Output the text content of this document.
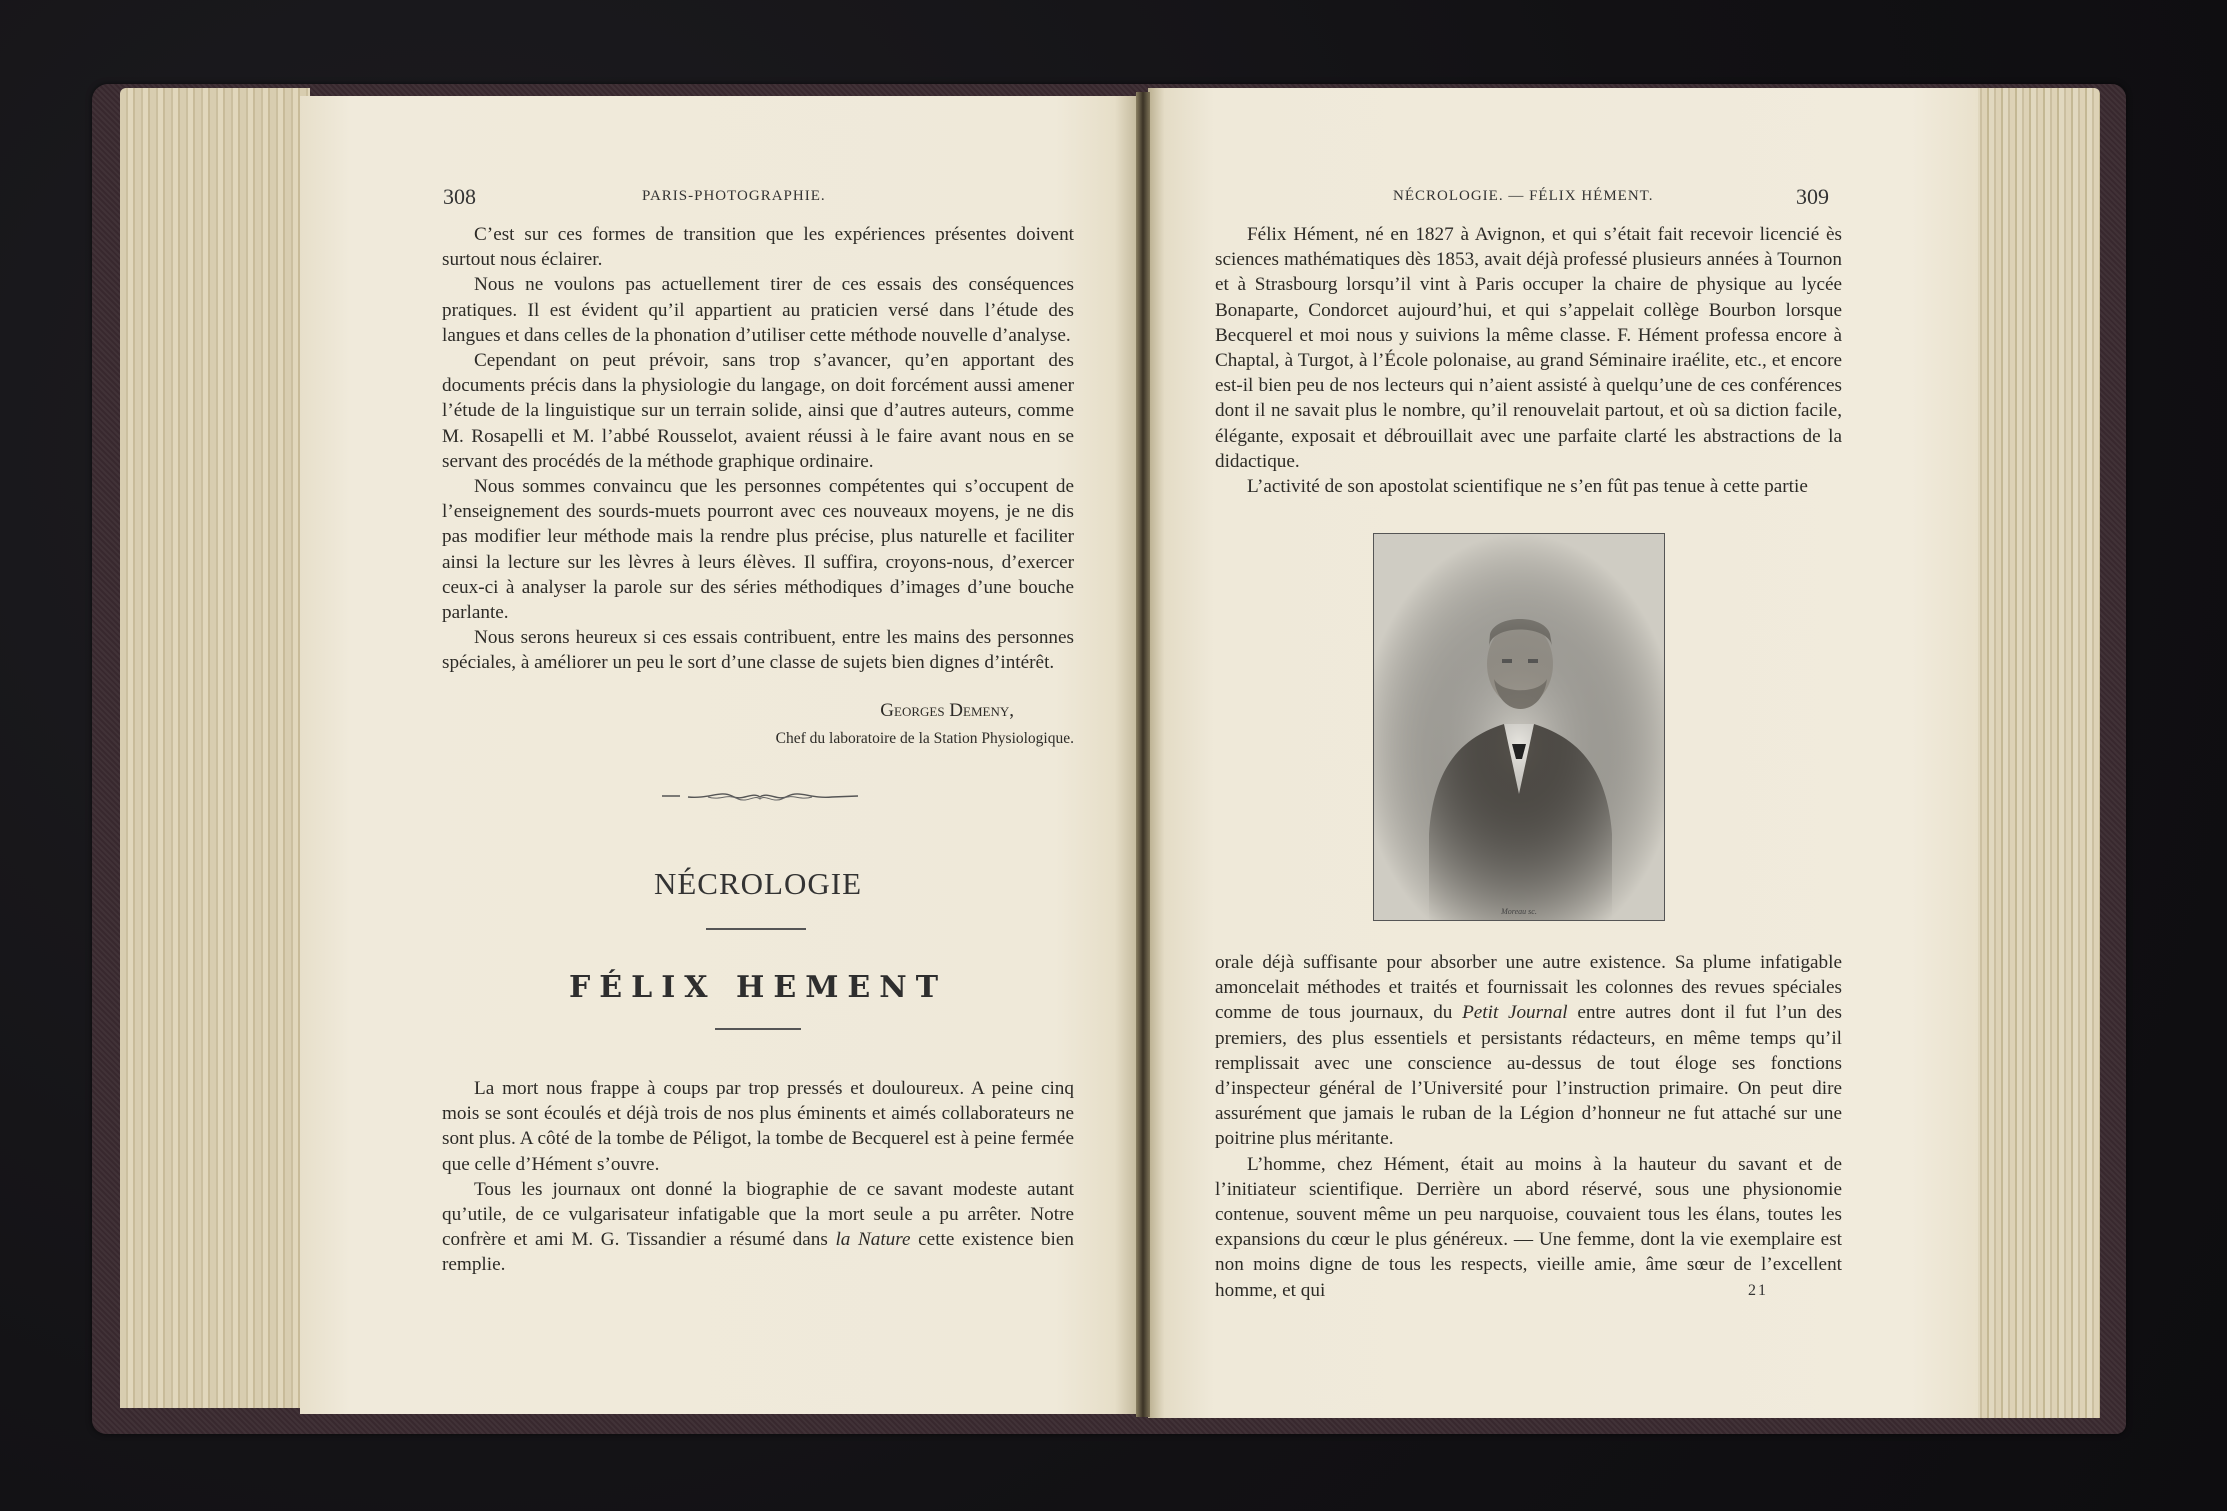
308	PARIS-PHOTOGRAPHIE.

C’est sur ces formes de transition que les expériences présentes doivent surtout nous éclairer.

Nous ne voulons pas actuellement tirer de ces essais des conséquences pratiques. Il est évident qu’il appartient au praticien versé dans l’étude des langues et dans celles de la phonation d’utiliser cette méthode nouvelle d’analyse.

Cependant on peut prévoir, sans trop s’avancer, qu’en apportant des documents précis dans la physiologie du langage, on doit forcément aussi amener l’étude de la linguistique sur un terrain solide, ainsi que d’autres auteurs, comme M. Rosapelli et M. l’abbé Rousselot, avaient réussi à le faire avant nous en se servant des procédés de la méthode graphique ordinaire.

Nous sommes convaincu que les personnes compétentes qui s’occupent de l’enseignement des sourds-muets pourront avec ces nouveaux moyens, je ne dis pas modifier leur méthode mais la rendre plus précise, plus naturelle et faciliter ainsi la lecture sur les lèvres à leurs élèves. Il suffira, croyons-nous, d’exercer ceux-ci à analyser la parole sur des séries méthodiques d’images d’une bouche parlante.

Nous serons heureux si ces essais contribuent, entre les mains des personnes spéciales, à améliorer un peu le sort d’une classe de sujets bien dignes d’intérêt.

Georges Demeny,
Chef du laboratoire de la Station Physiologique.
NÉCROLOGIE
FÉLIX HEMENT

La mort nous frappe à coups par trop pressés et douloureux. A peine cinq mois se sont écoulés et déjà trois de nos plus éminents et aimés collaborateurs ne sont plus. A côté de la tombe de Péligot, la tombe de Becquerel est à peine fermée que celle d’Hément s’ouvre.

Tous les journaux ont donné la biographie de ce savant modeste autant qu’utile, de ce vulgarisateur infatigable que la mort seule a pu arrêter. Notre confrère et ami M. G. Tissandier a résumé dans la Nature cette existence bien remplie.

NÉCROLOGIE. — FÉLIX HÉMENT.	309

Félix Hément, né en 1827 à Avignon, et qui s’était fait recevoir licencié ès sciences mathématiques dès 1853, avait déjà professé plusieurs années à Tournon et à Strasbourg lorsqu’il vint à Paris occuper la chaire de physique au lycée Bonaparte, Condorcet aujourd’hui, et qui s’appelait collège Bourbon lorsque Becquerel et moi nous y suivions la même classe. F. Hément professa encore à Chaptal, à Turgot, à l’École polonaise, au grand Séminaire iraélite, etc., et encore est-il bien peu de nos lecteurs qui n’aient assisté à quelqu’une de ces conférences dont il ne savait plus le nombre, qu’il renouvelait partout, et où sa diction facile, élégante, exposait et débrouillait avec une parfaite clarté les abstractions de la didactique.

L’activité de son apostolat scientifique ne s’en fût pas tenue à cette partie

Moreau sc.

orale déjà suffisante pour absorber une autre existence. Sa plume infatigable amoncelait méthodes et traités et fournissait les colonnes des revues spéciales comme de tous journaux, du Petit Journal entre autres dont il fut l’un des premiers, des plus essentiels et persistants rédacteurs, en même temps qu’il remplissait avec une conscience au-dessus de tout éloge ses fonctions d’inspecteur général de l’Université pour l’instruction primaire. On peut dire assurément que jamais le ruban de la Légion d’honneur ne fut attaché sur une poitrine plus méritante.

L’homme, chez Hément, était au moins à la hauteur du savant et de l’initiateur scientifique. Derrière un abord réservé, sous une physionomie contenue, souvent même un peu narquoise, couvaient tous les élans, toutes les expansions du cœur le plus généreux. — Une femme, dont la vie exemplaire est non moins digne de tous les respects, vieille amie, âme sœur de l’excellent homme, et qui	21
